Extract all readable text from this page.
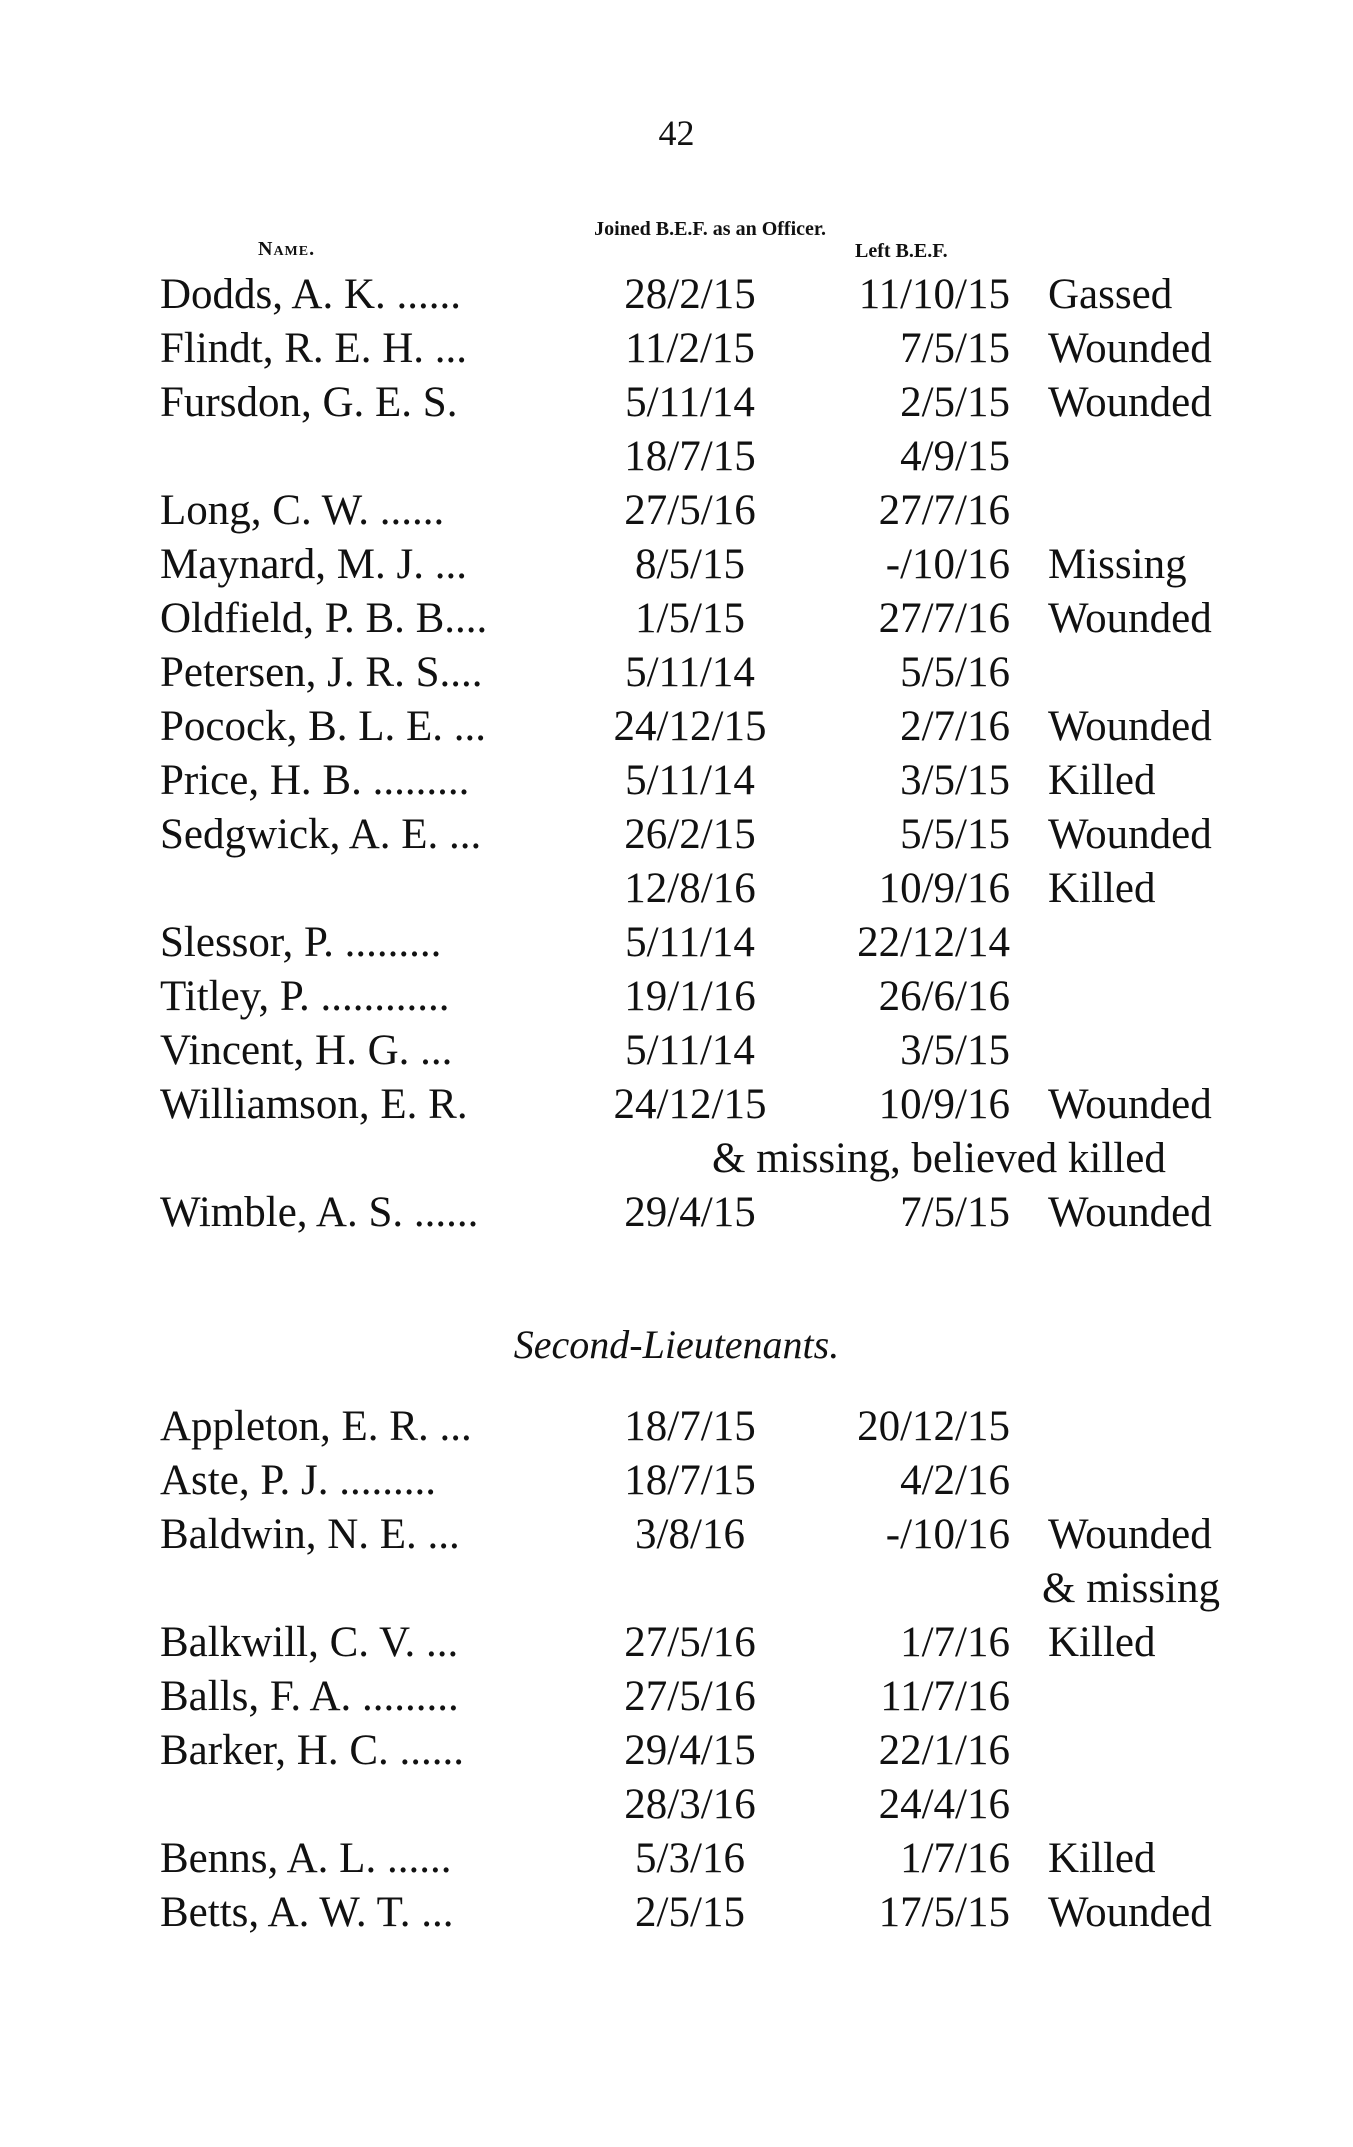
42
Name.
Joined B.E.F. as an Officer.
Left B.E.F.
Dodds, A. K. ......	28/2/15	11/10/15 Gassed
Flindt, R. E. H. ...	11/2/15	7/5/15 Wounded
Fursdon, G. E. S.	5/11/14	2/5/15 Wounded
18/7/15	4/9/15
Long, C. W. ......	27/5/16	27/7/16
Maynard, M. J. ...	8/5/15	-/10/16 Missing
Oldfield, P. B. B....	1/5/15	27/7/16 Wounded
Petersen, J. R. S....	5/11/14	5/5/16
Pocock, B. L. E. ...	24/12/15	2/7/16 Wounded
Price, H. B. .........	5/11/14	3/5/15 Killed
Sedgwick, A. E. ...	26/2/15	5/5/15 Wounded
12/8/16	10/9/16 Killed
Slessor, P. .........	5/11/14	22/12/14
Titley, P. ............	19/1/16	26/6/16
Vincent, H. G. ...	5/11/14	3/5/15
Williamson, E. R.	24/12/15	10/9/16 Wounded
& missing, believed killed
Wimble, A. S. ......	29/4/15	7/5/15 Wounded
Second-Lieutenants.
Appleton, E. R. ...	18/7/15	20/12/15
Aste, P. J. .........	18/7/15	4/2/16
Baldwin, N. E. ...	3/8/16	-/10/16 Wounded
& missing
Balkwill, C. V. ...	27/5/16	1/7/16 Killed
Balls, F. A. .........	27/5/16	11/7/16
Barker, H. C. ......	29/4/15	22/1/16
28/3/16	24/4/16
Benns, A. L. ......	5/3/16	1/7/16 Killed
Betts, A. W. T. ...	2/5/15	17/5/15 Wounded
